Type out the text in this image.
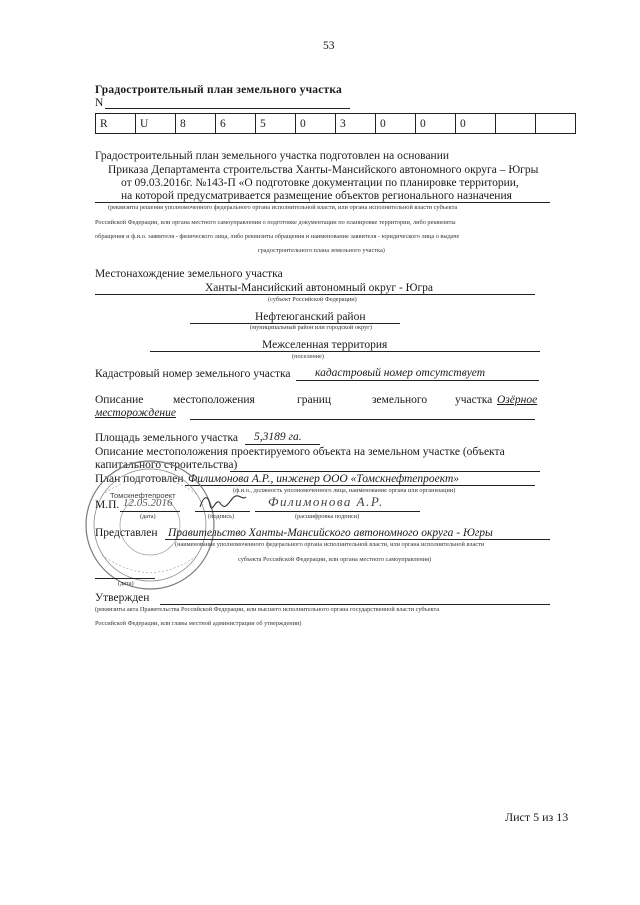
53
Градостроительный план земельного участка
N
R	U	8	6	5	0	3	0	0	0		
Градостроительный план земельного участка подготовлен на основании
Приказа Департамента строительства Ханты-Мансийского автономного округа – Югры
от 09.03.2016г. №143-П «О подготовке документации по планировке территории,
на которой предусматривается размещение объектов регионального назначения
(реквизиты решения уполномоченного федерального органа исполнительной власти, или органа исполнительной власти субъекта
Российской Федерации, или органа местного самоуправления о подготовке документации по планировке территории, либо реквизиты
обращения и ф.и.о. заявителя - физического лица, либо реквизиты обращения и наименование заявителя - юридического лица о выдаче
градостроительного плана земельного участка)
Местонахождение земельного участка
Ханты-Мансийский автономный округ - Югра
(субъект Российской Федерации)
Нефтеюганский район
(муниципальный район или городской округ)
Межселенная территория
(поселение)
Кадастровый номер земельного участка кадастровый номер отсутствует
Описание	местоположения	границ	земельного участка Озёрное
месторождение
Площадь земельного участка 5,3189 га.
Описание местоположения проектируемого объекта на земельном участке (объекта
капитального строительства)
План подготовлен Филимонова А.Р., инженер ООО «Томскнефтепроект»
(ф.и.о., должность уполномоченного лица, наименование органа или организации)
Томскнефтепроект
М.П. 12.05.2016
(дата)	(подпись)
Филимонова А.Р.
(расшифровка подписи)
Представлен Правительство Ханты-Мансийского автономного округа - Югры
(наименование уполномоченного федерального органа исполнительной власти, или органа исполнительной власти
субъекта Российской Федерации, или органа местного самоуправления)
(дата)
Утвержден
(реквизиты акта Правительства Российской Федерации, или высшего исполнительного органа государственной власти субъекта
Российской Федерации, или главы местной администрации об утверждении)
Лист 5 из 13
